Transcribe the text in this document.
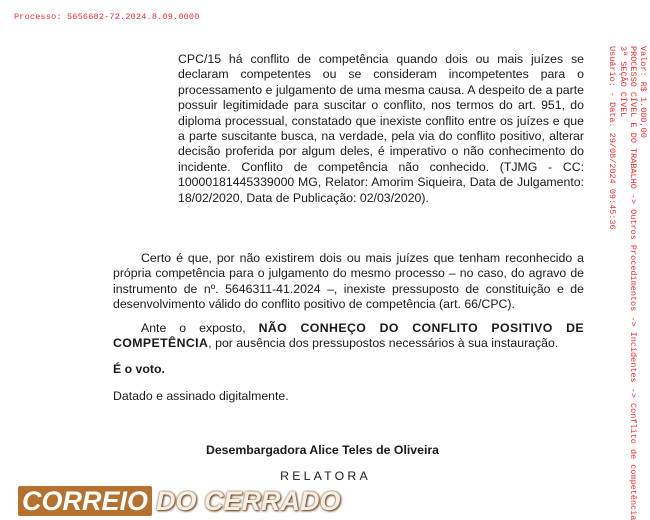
Processo: 5656682-72.2024.8.09.0000
Valor: R$ 1.000,00
PROCESSO CÍVEL E DO TRABALHO -> Outros Procedimentos -> Incidentes -> Conflito de competência
3ª SEÇÃO CÍVEL
Usuário: - Data: 29/08/2024 09:45:36
CPC/15 há conflito de competência quando dois ou mais juízes se declaram competentes ou se consideram incompetentes para o processamento e julgamento de uma mesma causa. A despeito de a parte possuir legitimidade para suscitar o conflito, nos termos do art. 951, do diploma processual, constatado que inexiste conflito entre os juízes e que a parte suscitante busca, na verdade, pela via do conflito positivo, alterar decisão proferida por algum deles, é imperativo o não conhecimento do incidente. Conflito de competência não conhecido. (TJMG - CC: 10000181445339000 MG, Relator: Amorim Siqueira, Data de Julgamento: 18/02/2020, Data de Publicação: 02/03/2020).
Certo é que, por não existirem dois ou mais juízes que tenham reconhecido a própria competência para o julgamento do mesmo processo – no caso, do agravo de instrumento de nº. 5646311-41.2024 –, inexiste pressuposto de constituição e de desenvolvimento válido do conflito positivo de competência (art. 66/CPC).
Ante o exposto, NÃO CONHEÇO DO CONFLITO POSITIVO DE COMPETÊNCIA, por ausência dos pressupostos necessários à sua instauração.
É o voto.
Datado e assinado digitalmente.
Desembargadora Alice Teles de Oliveira
RELATORA
CORREIO DO CERRADO
